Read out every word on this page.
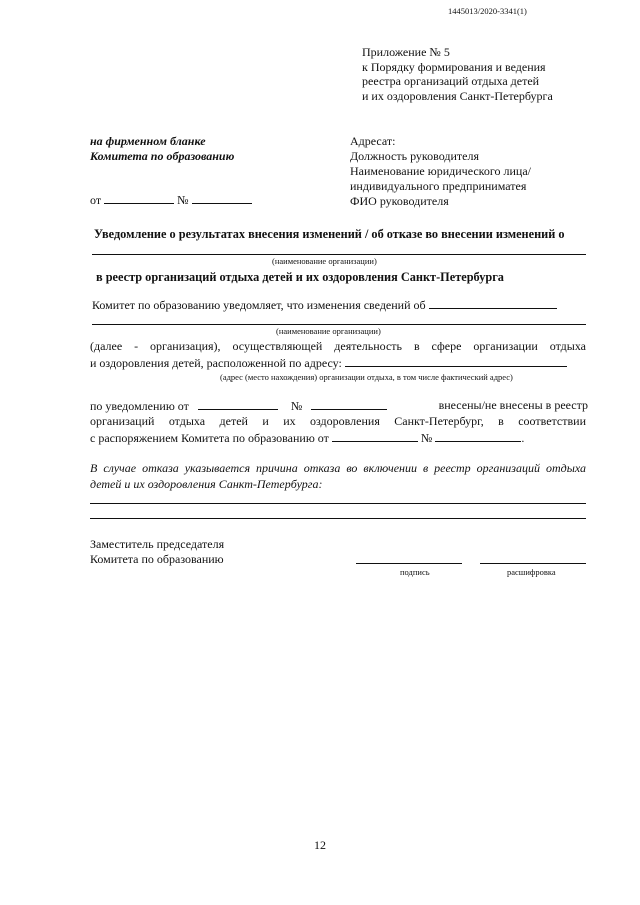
1445013/2020-3341(1)
Приложение № 5
к Порядку формирования и ведения
реестра организаций отдыха детей
и их оздоровления Санкт-Петербурга
на фирменном бланке
Комитета по образованию
Адресат:
Должность руководителя
Наименование юридического лица/
индивидуального предприниматея
ФИО руководителя
от	№
Уведомление о результатах внесения изменений / об отказе во внесении изменений о
(наименование организации)
в реестр организаций отдыха детей и их оздоровления Санкт-Петербурга
Комитет по образованию уведомляет, что изменения сведений об
(наименование организации)
(далее - организация), осуществляющей деятельность в сфере организации отдыха
и оздоровления детей, расположенной по адресу:
(адрес (место нахождения) организации отдыха, в том числе фактический адрес)
по уведомлению от	№	внесены/не внесены в реестр
организаций отдыха детей и их оздоровления Санкт-Петербург, в соответствии
с распоряжением Комитета по образованию от	№	.
В случае отказа указывается причина отказа во включении в реестр организаций отдыха
детей и их оздоровления Санкт-Петербурга:
Заместитель председателя
Комитета по образованию
подпись	расшифровка
12
